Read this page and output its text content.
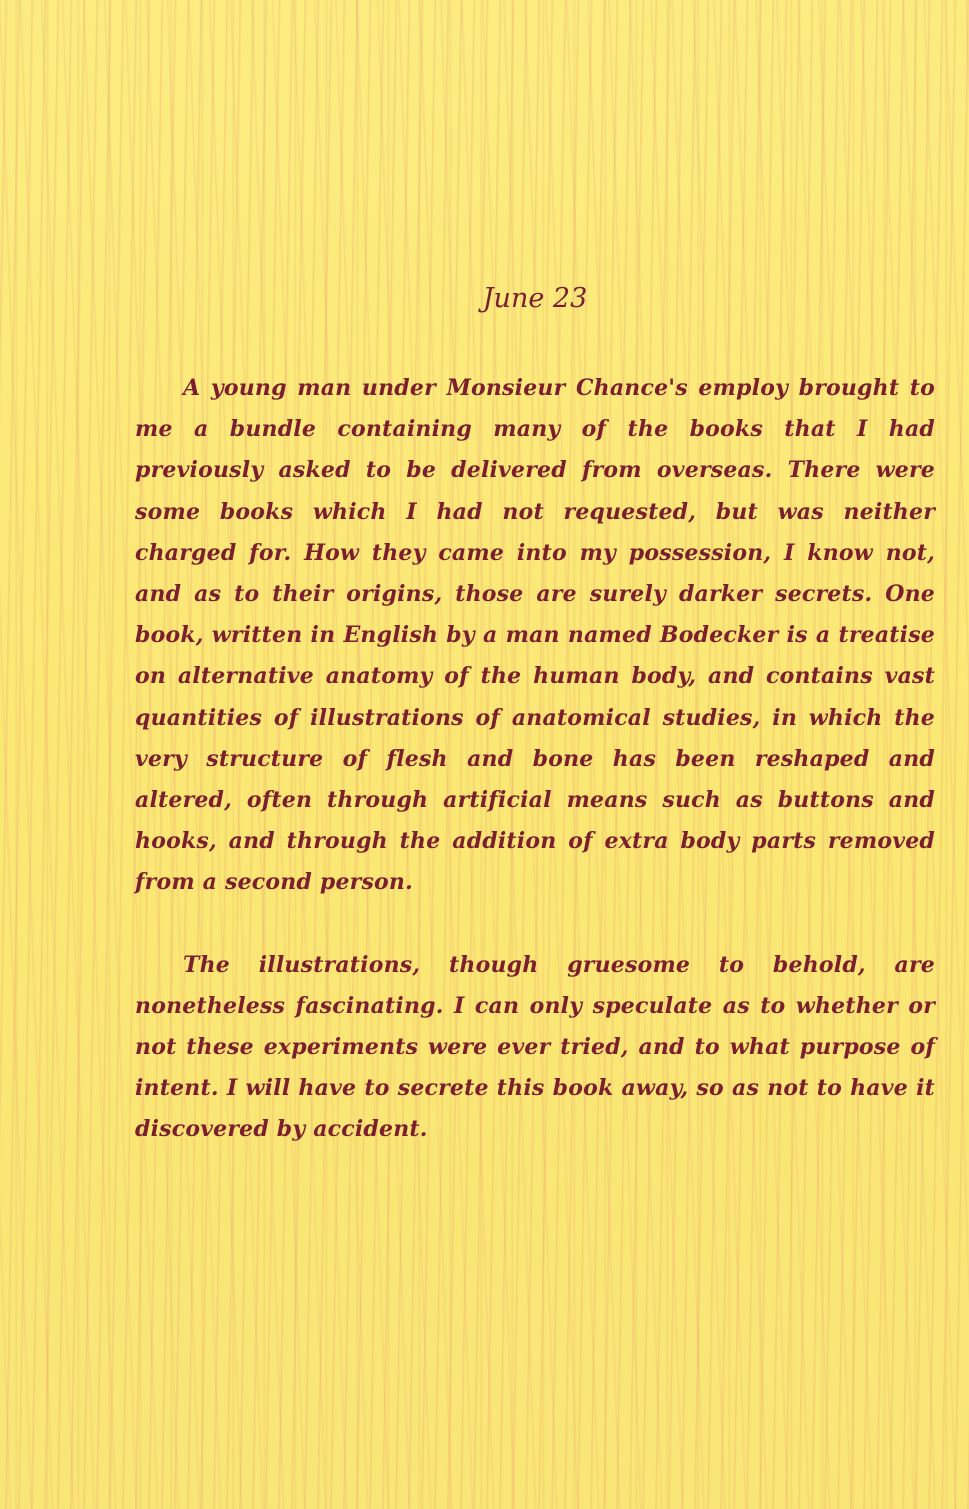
June 23

A young man under Monsieur Chance's employ brought to me a bundle containing many of the books that I had previously asked to be delivered from overseas. There were some books which I had not requested, but was neither charged for. How they came into my possession, I know not, and as to their origins, those are surely darker secrets. One book, written in English by a man named Bodecker is a treatise on alternative anatomy of the human body, and contains vast quantities of illustrations of anatomical studies, in which the very structure of flesh and bone has been reshaped and altered, often through artificial means such as buttons and hooks, and through the addition of extra body parts removed from a second person.

The illustrations, though gruesome to behold, are nonetheless fascinating. I can only speculate as to whether or not these experiments were ever tried, and to what purpose of intent. I will have to secrete this book away, so as not to have it discovered by accident.
